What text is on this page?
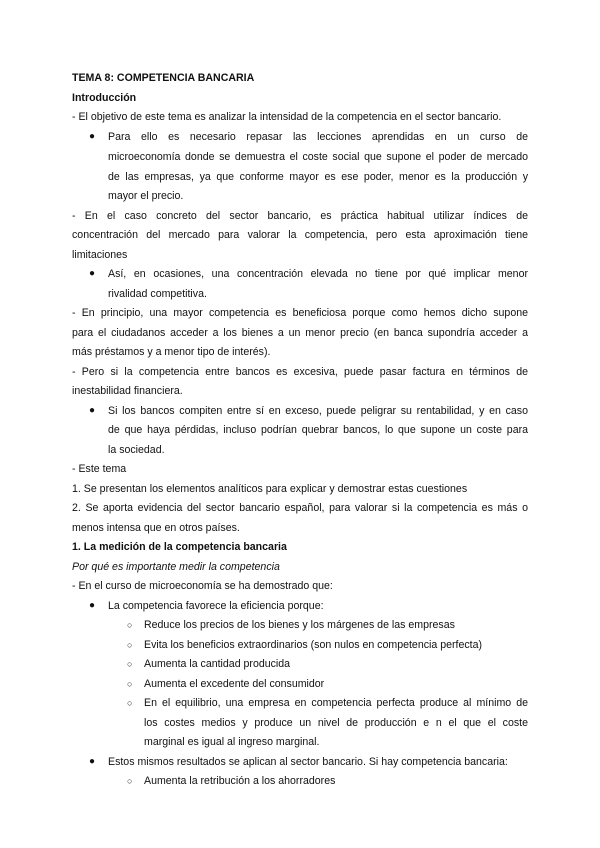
TEMA 8: COMPETENCIA BANCARIA
Introducción
- El objetivo de este tema es analizar la intensidad de la competencia en el sector bancario.
● Para ello es necesario repasar las lecciones aprendidas en un curso de
microeconomía donde se demuestra el coste social que supone el poder de mercado
de las empresas, ya que conforme mayor es ese poder, menor es la producción y
mayor el precio.
- En el caso concreto del sector bancario, es práctica habitual utilizar índices de
concentración del mercado para valorar la competencia, pero esta aproximación tiene
limitaciones
● Así, en ocasiones, una concentración elevada no tiene por qué implicar menor
rivalidad competitiva.
- En principio, una mayor competencia es beneficiosa porque como hemos dicho supone
para el ciudadanos acceder a los bienes a un menor precio (en banca supondría acceder a
más préstamos y a menor tipo de interés).
- Pero si la competencia entre bancos es excesiva, puede pasar factura en términos de
inestabilidad financiera.
● Si los bancos compiten entre sí en exceso, puede peligrar su rentabilidad, y en caso
de que haya pérdidas, incluso podrían quebrar bancos, lo que supone un coste para
la sociedad.
- Este tema
1. Se presentan los elementos analíticos para explicar y demostrar estas cuestiones
2. Se aporta evidencia del sector bancario español, para valorar si la competencia es más o
menos intensa que en otros países.
1. La medición de la competencia bancaria
Por qué es importante medir la competencia
- En el curso de microeconomía se ha demostrado que:
● La competencia favorece la eficiencia porque:
○ Reduce los precios de los bienes y los márgenes de las empresas
○ Evita los beneficios extraordinarios (son nulos en competencia perfecta)
○ Aumenta la cantidad producida
○ Aumenta el excedente del consumidor
○ En el equilibrio, una empresa en competencia perfecta produce al mínimo de
los costes medios y produce un nivel de producción e n el que el coste
marginal es igual al ingreso marginal.
● Estos mismos resultados se aplican al sector bancario. Si hay competencia bancaria:
○ Aumenta la retribución a los ahorradores
